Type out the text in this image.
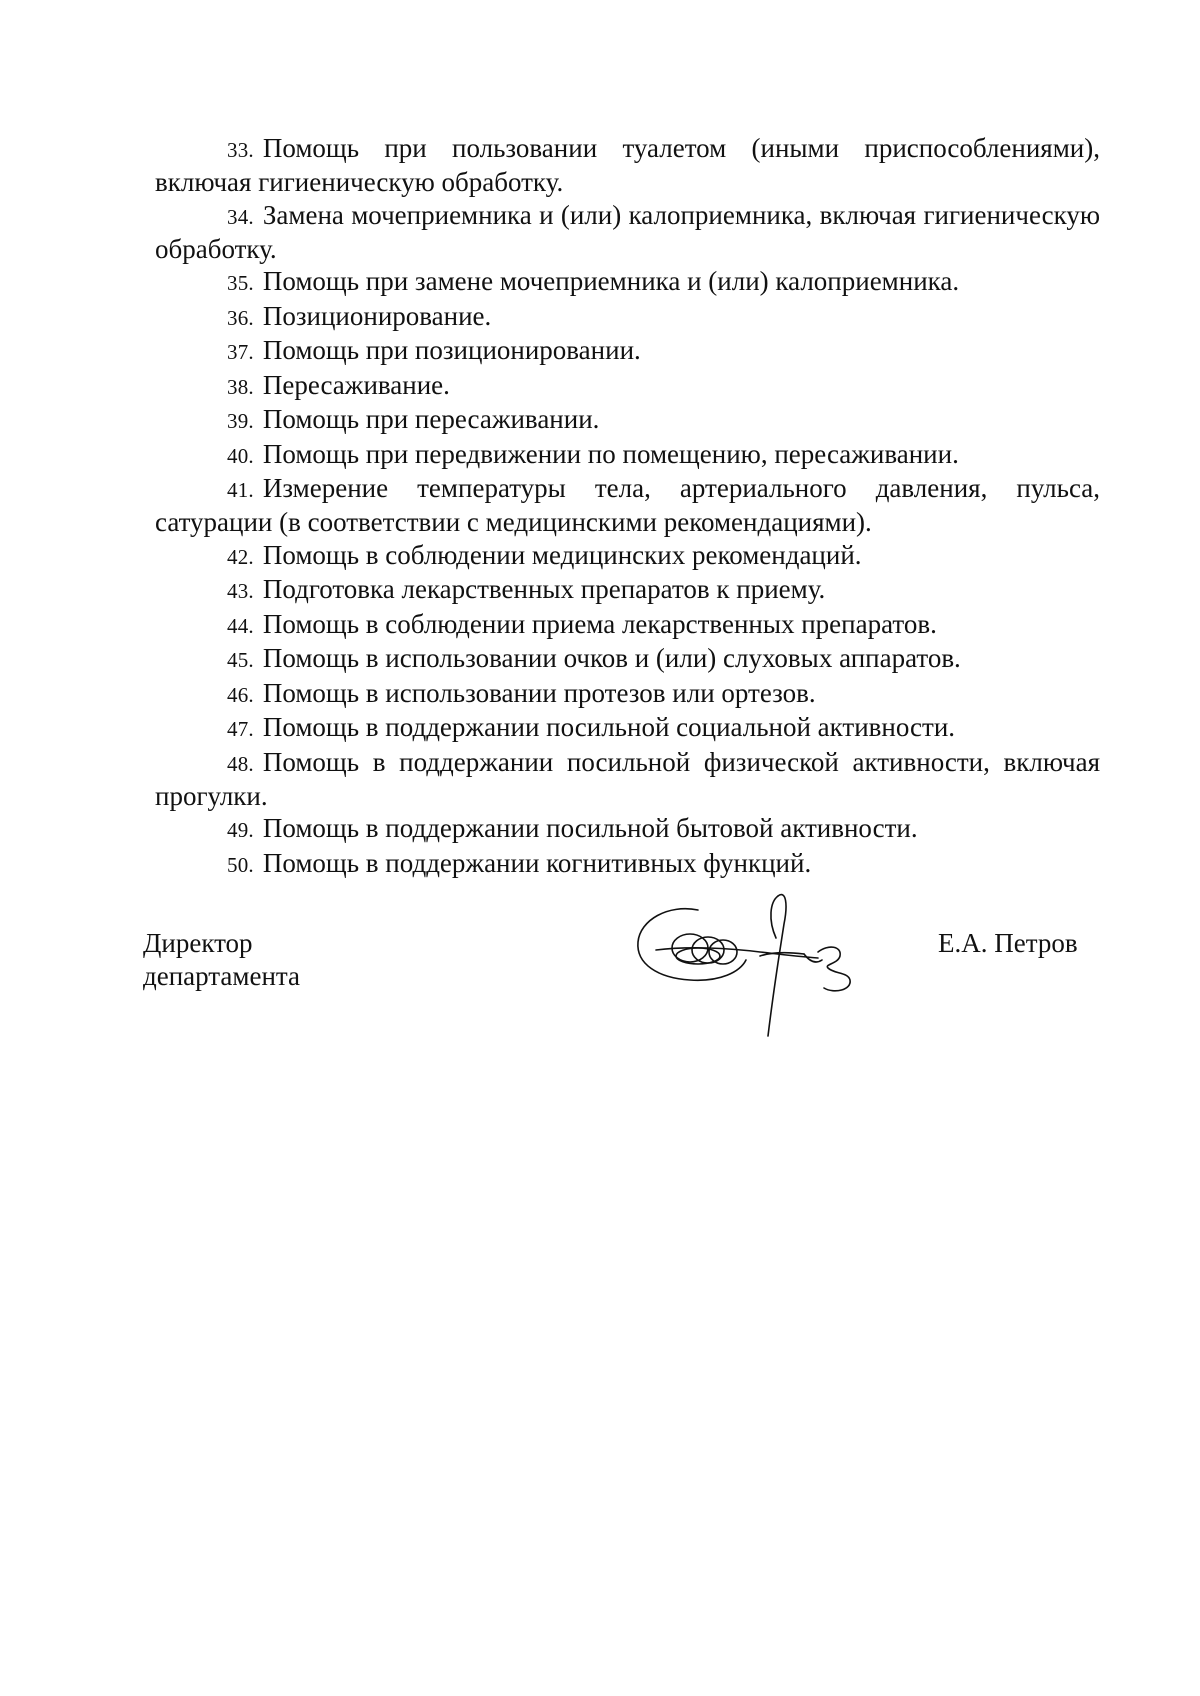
33. Помощь при пользовании туалетом (иными приспособлениями), включая гигиеническую обработку.
34. Замена мочеприемника и (или) калоприемника, включая гигиеническую обработку.
35. Помощь при замене мочеприемника и (или) калоприемника.
36. Позиционирование.
37. Помощь при позиционировании.
38. Пересаживание.
39. Помощь при пересаживании.
40. Помощь при передвижении по помещению, пересаживании.
41. Измерение температуры тела, артериального давления, пульса, сатурации (в соответствии с медицинскими рекомендациями).
42. Помощь в соблюдении медицинских рекомендаций.
43. Подготовка лекарственных препаратов к приему.
44. Помощь в соблюдении приема лекарственных препаратов.
45. Помощь в использовании очков и (или) слуховых аппаратов.
46. Помощь в использовании протезов или ортезов.
47. Помощь в поддержании посильной социальной активности.
48. Помощь в поддержании посильной физической активности, включая прогулки.
49. Помощь в поддержании посильной бытовой активности.
50. Помощь в поддержании когнитивных функций.
Директор
департамента
Е.А. Петров
